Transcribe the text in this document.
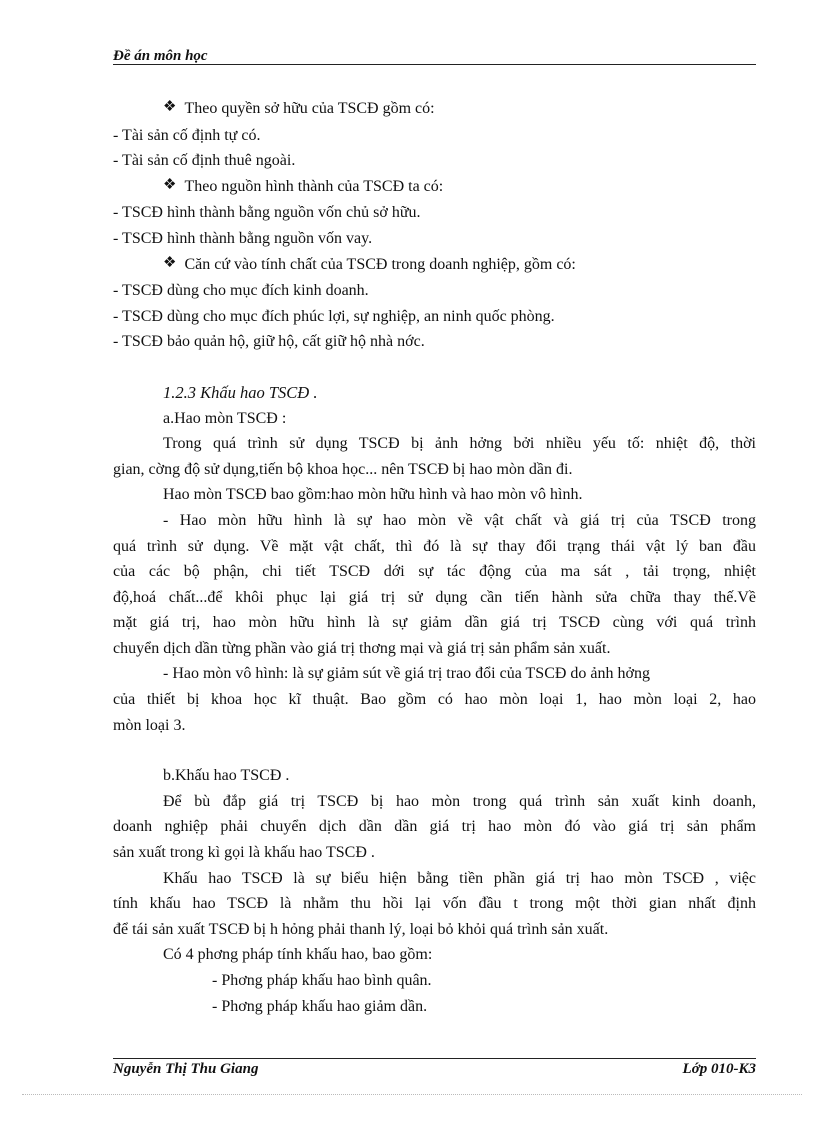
Đề án môn học
❖ Theo quyền sở hữu của TSCĐ gồm có:
- Tài sản cố định tự có.
- Tài sản cố định thuê ngoài.
❖ Theo nguồn hình thành của TSCĐ ta có:
- TSCĐ hình thành bằng nguồn vốn chủ sở hữu.
- TSCĐ hình thành bằng nguồn vốn vay.
❖ Căn cứ vào tính chất của TSCĐ trong doanh nghiệp, gồm có:
- TSCĐ dùng cho mục đích kinh doanh.
- TSCĐ dùng cho mục đích phúc lợi, sự nghiệp, an ninh quốc phòng.
- TSCĐ bảo quản hộ, giữ hộ, cất giữ hộ nhà nớc.
1.2.3 Khấu hao TSCĐ .
a.Hao mòn TSCĐ :
Trong quá trình sử dụng TSCĐ bị ảnh hởng bởi nhiều yếu tố: nhiệt độ, thời
gian, cờng độ sử dụng,tiến bộ khoa học... nên TSCĐ bị hao mòn dần đi.
Hao mòn TSCĐ bao gồm:hao mòn hữu hình và hao mòn vô hình.
- Hao mòn hữu hình là sự hao mòn về vật chất và giá trị của TSCĐ trong
quá trình sử dụng. Về mặt vật chất, thì đó là sự thay đổi trạng thái vật lý ban đầu
của các bộ phận, chi tiết TSCĐ dới sự tác động của ma sát , tải trọng, nhiệt
độ,hoá chất...để khôi phục lại giá trị sử dụng cần tiến hành sửa chữa thay thế.Về
mặt giá trị, hao mòn hữu hình là sự giảm dần giá trị TSCĐ cùng với quá trình
chuyển dịch dần từng phần vào giá trị thơng mại và giá trị sản phẩm sản xuất.
- Hao mòn vô hình: là sự giảm sút về giá trị trao đổi của TSCĐ do ảnh hởng
của thiết bị khoa học kĩ thuật. Bao gồm có hao mòn loại 1, hao mòn loại 2, hao
mòn loại 3.
b.Khấu hao TSCĐ .
Để bù đắp giá trị TSCĐ bị hao mòn trong quá trình sản xuất kinh doanh,
doanh nghiệp phải chuyển dịch dần dần giá trị hao mòn đó vào giá trị sản phẩm
sản xuất trong kì gọi là khấu hao TSCĐ .
Khấu hao TSCĐ là sự biểu hiện bằng tiền phần giá trị hao mòn TSCĐ , việc
tính khấu hao TSCĐ là nhằm thu hồi lại vốn đầu t trong một thời gian nhất định
để tái sản xuất TSCĐ bị h hỏng phải thanh lý, loại bỏ khỏi quá trình sản xuất.
Có 4 phơng pháp tính khấu hao, bao gồm:
- Phơng pháp khấu hao bình quân.
- Phơng pháp khấu hao giảm dần.
Nguyễn Thị Thu Giang	Lớp 010-K3
